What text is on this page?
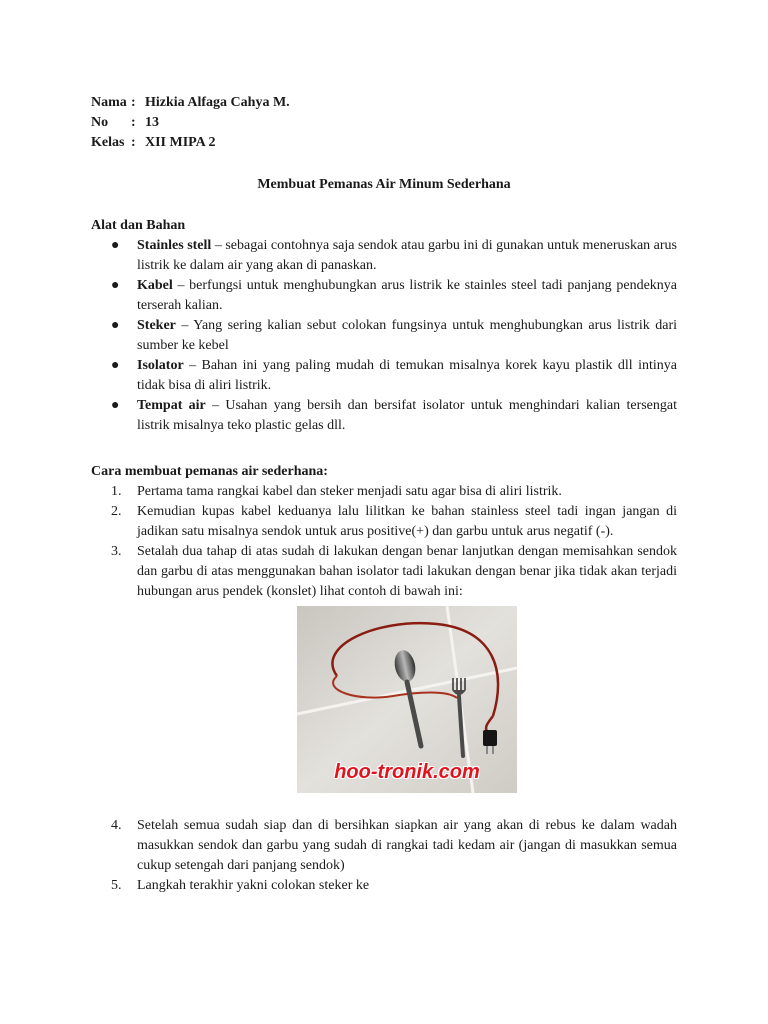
Nama : Hizkia Alfaga Cahya M.
No	: 13
Kelas : XII MIPA 2
Membuat Pemanas Air Minum Sederhana
Alat dan Bahan
● Stainles stell – sebagai contohnya saja sendok atau garbu ini di gunakan untuk meneruskan arus listrik ke dalam air yang akan di panaskan.
● Kabel – berfungsi untuk menghubungkan arus listrik ke stainles steel tadi panjang pendeknya terserah kalian.
● Steker – Yang sering kalian sebut colokan fungsinya untuk menghubungkan arus listrik dari sumber ke kebel
● Isolator – Bahan ini yang paling mudah di temukan misalnya korek kayu plastik dll intinya tidak bisa di aliri listrik.
● Tempat air – Usahan yang bersih dan bersifat isolator untuk menghindari kalian tersengat listrik misalnya teko plastic gelas dll.
Cara membuat pemanas air sederhana:
1. Pertama tama rangkai kabel dan steker menjadi satu agar bisa di aliri listrik.
2. Kemudian kupas kabel keduanya lalu lilitkan ke bahan stainless steel tadi ingan jangan di jadikan satu misalnya sendok untuk arus positive(+) dan garbu untuk arus negatif (-).
3. Setalah dua tahap di atas sudah di lakukan dengan benar lanjutkan dengan memisahkan sendok dan garbu di atas menggunakan bahan isolator tadi lakukan dengan benar jika tidak akan terjadi hubungan arus pendek (konslet) lihat contoh di bawah ini:
hoo-tronik.com
4. Setelah semua sudah siap dan di bersihkan siapkan air yang akan di rebus ke dalam wadah masukkan sendok dan garbu yang sudah di rangkai tadi kedam air (jangan di masukkan semua cukup setengah dari panjang sendok)
5. Langkah terakhir yakni colokan steker ke
